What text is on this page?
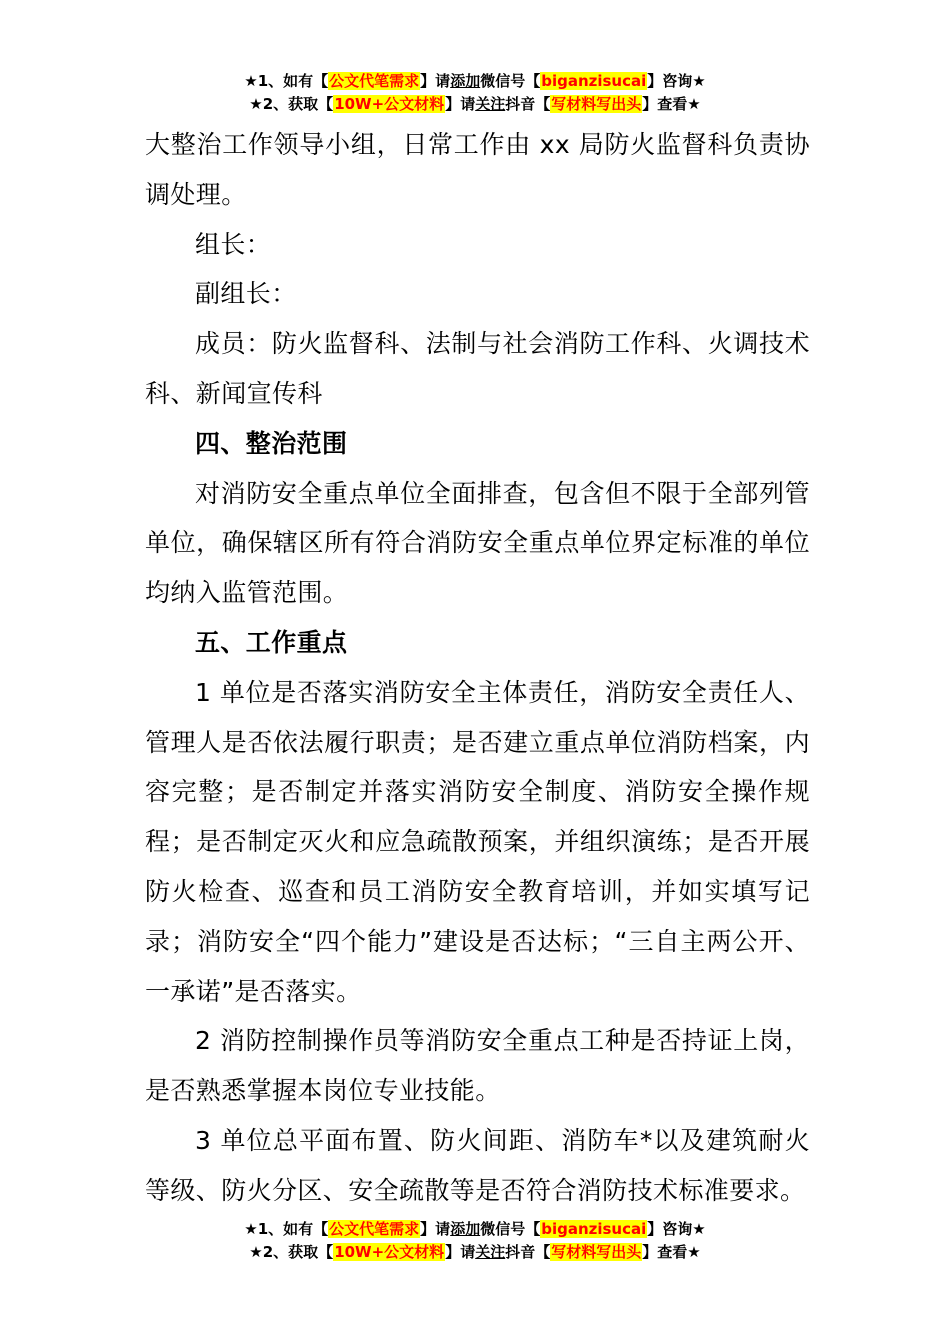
★1、如有【公文代笔需求】请添加微信号【biganzisucai】咨询★
★2、获取【10W+公文材料】请关注抖音【写材料写出头】查看★

大整治工作领导小组，日常工作由 xx 局防火监督科负责协调处理。

组长：

副组长：

成员：防火监督科、法制与社会消防工作科、火调技术科、新闻宣传科

四、整治范围

对消防安全重点单位全面排查，包含但不限于全部列管单位，确保辖区所有符合消防安全重点单位界定标准的单位均纳入监管范围。

五、工作重点

1 单位是否落实消防安全主体责任，消防安全责任人、管理人是否依法履行职责；是否建立重点单位消防档案，内容完整；是否制定并落实消防安全制度、消防安全操作规程；是否制定灭火和应急疏散预案，并组织演练；是否开展防火检查、巡查和员工消防安全教育培训，并如实填写记录；消防安全“四个能力”建设是否达标；“三自主两公开、一承诺”是否落实。

2 消防控制操作员等消防安全重点工种是否持证上岗，是否熟悉掌握本岗位专业技能。

3 单位总平面布置、防火间距、消防车*以及建筑耐火等级、防火分区、安全疏散等是否符合消防技术标准要求。

★1、如有【公文代笔需求】请添加微信号【biganzisucai】咨询★
★2、获取【10W+公文材料】请关注抖音【写材料写出头】查看★
